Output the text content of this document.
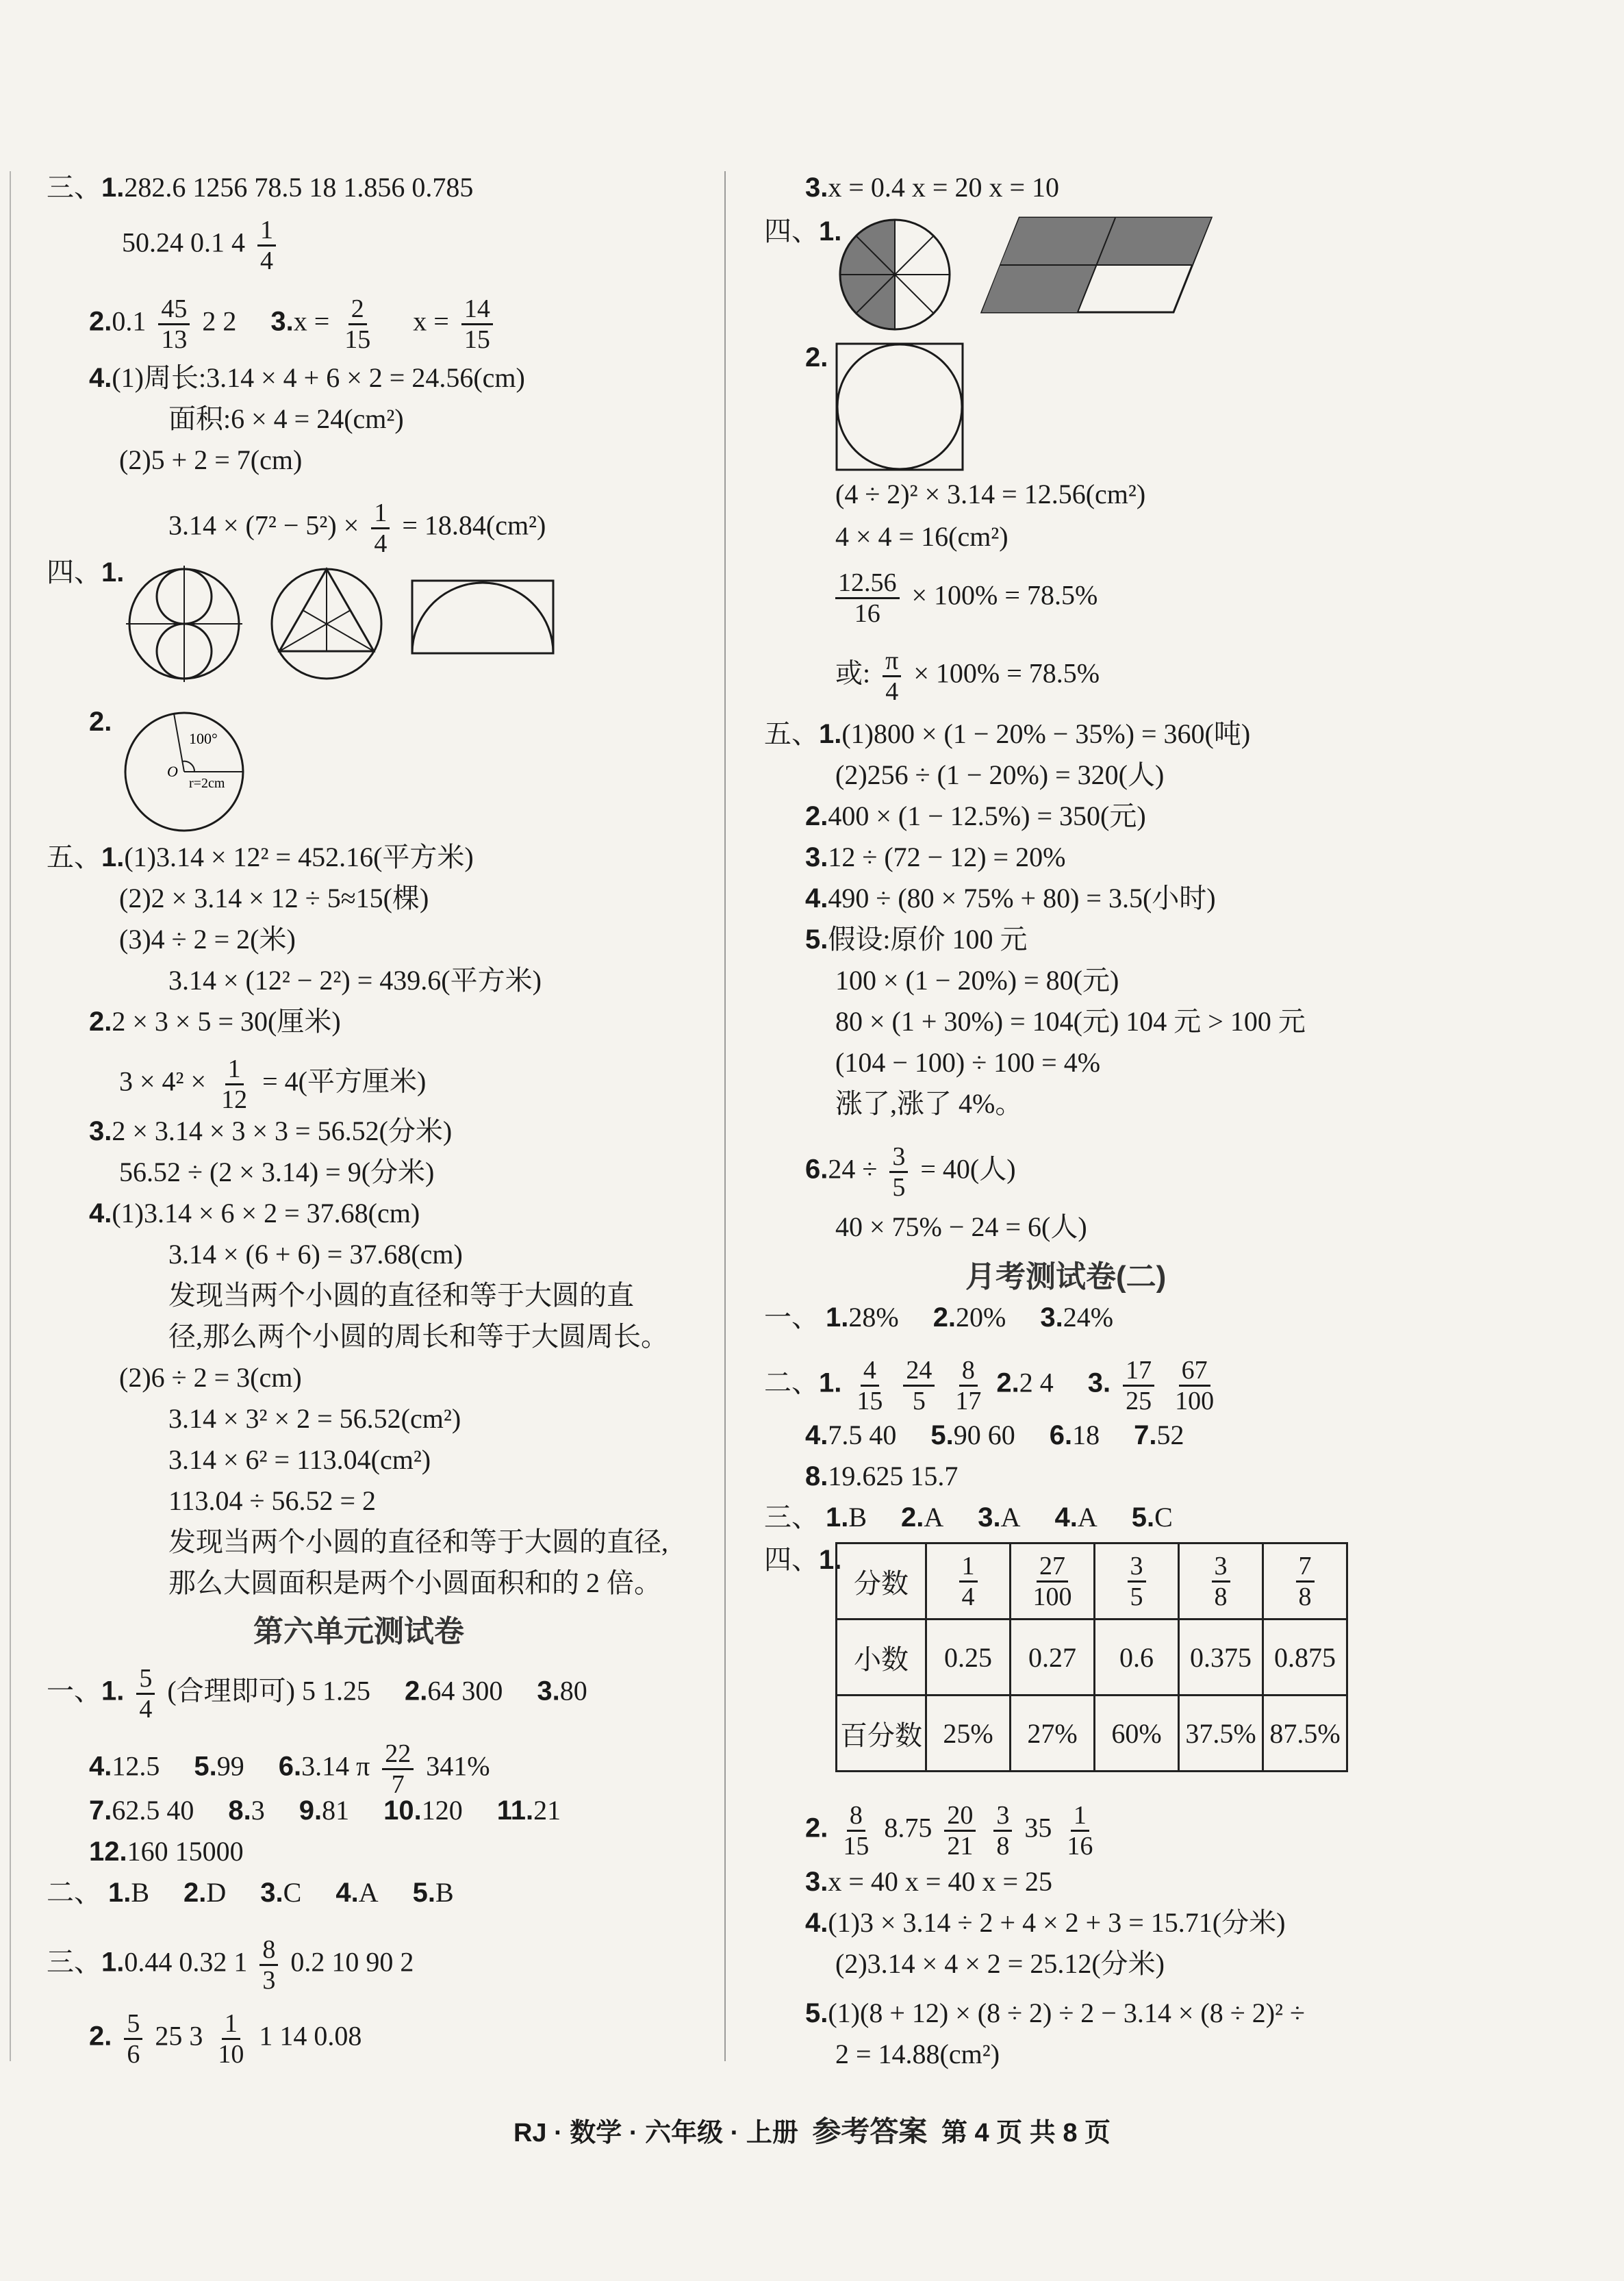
三、1.282.6 1256 78.5 18 1.856 0.785
50.24 0.1 $4 \frac{1}{4}$
$2.0.1 \frac{45}{13} 2$ 2 $3.x = \frac{2}{15}$ $x = \frac{14}{15}$
4.(1)周长:3.14 × 4 + 6 × 2 = 24.56(cm)
面积:6 × 4 = 24(cm²)
(2)5 + 2 = 7(cm)
$3.14 \times (7^2 - 5^2) \times \frac{1}{4} = 18.84(cm^2)$
四、1.
2.
100°
O
r=2cm
五、1.(1)3.14 × 12² = 452.16(平方米)
(2)2 × 3.14 × 12 ÷ 5≈15(棵)
(3)4 ÷ 2 = 2(米)
3.14 × (12² − 2²) = 439.6(平方米)
2.2 × 3 × 5 = 30(厘米)
$3 \times 4^2 \times \frac{1}{12} = 4$(平方厘米)
3.2 × 3.14 × 3 × 3 = 56.52(分米)
56.52 ÷ (2 × 3.14) = 9(分米)
4.(1)3.14 × 6 × 2 = 37.68(cm)
3.14 × (6 + 6) = 37.68(cm)
发现当两个小圆的直径和等于大圆的直
径,那么两个小圆的周长和等于大圆周长。
(2)6 ÷ 2 = 3(cm)
3.14 × 3² × 2 = 56.52(cm²)
3.14 × 6² = 113.04(cm²)
113.04 ÷ 56.52 = 2
发现当两个小圆的直径和等于大圆的直径,
那么大圆面积是两个小圆面积和的 2 倍。
第六单元测试卷
一、1. $\frac{5}{4}$ (合理即可) 5 1.25 2.64 300 3.80
4.12.5 5.99 6.3.14 π $\frac{22}{7} 341\%$
7.62.5 40 8.3 9.81 10.120 11.21
12.160 15000
二、 1.B 2.D 3.C 4.A 5.B
三、1.0.44 0.32 $1 \frac{8}{3} 0.2$ 10 90 2
2. $\frac{5}{6} 25$ $3 \frac{1}{10} 1$ 14 0.08
3.x = 0.4 x = 20 x = 10
四、1.
2.
(4 ÷ 2)² × 3.14 = 12.56(cm²)
4 × 4 = 16(cm²)
$\frac{12.56}{16} \times 100\% = 78.5\%$
或: $\frac{\pi}{4} \times 100\% = 78.5\%$
五、1.(1)800 × (1 − 20% − 35%) = 360(吨)
(2)256 ÷ (1 − 20%) = 320(人)
2.400 × (1 − 12.5%) = 350(元)
3.12 ÷ (72 − 12) = 20%
4.490 ÷ (80 × 75% + 80) = 3.5(小时)
5.假设:原价 100 元
100 × (1 − 20%) = 80(元)
80 × (1 + 30%) = 104(元) 104 元 > 100 元
(104 − 100) ÷ 100 = 4%
涨了,涨了 4%。
$6.24 \div \frac{3}{5} = 40$(人)
40 × 75% − 24 = 6(人)
月考测试卷(二)
一、 1.28% 2.20% 3.24%
二、1. $\frac{4}{15}$
$\frac{24}{5}$
$\frac{8}{17} 2.2$ 4 3. $\frac{17}{25}$
$\frac{67}{100}$
4.7.5 40 5.90 60 6.18 7.52
8.19.625 15.7
三、 1.B 2.A 3.A 4.A 5.C
四、1.
分数	$\frac{1}{4}$	$\frac{27}{100}$	$\frac{3}{5}$	$\frac{3}{8}$	$\frac{7}{8}$

小数	0.25	0.27	0.6	0.375	0.875
百分数	25%	27%	60%	37.5%	87.5%
2. $\frac{8}{15} 8.75 \frac{20}{21}$
$\frac{3}{8} 35 \frac{1}{16}$
3.x = 40 x = 40 x = 25
4.(1)3 × 3.14 ÷ 2 + 4 × 2 + 3 = 15.71(分米)
(2)3.14 × 4 × 2 = 25.12(分米)
5.(1)(8 + 12) × (8 ÷ 2) ÷ 2 − 3.14 × (8 ÷ 2)² ÷
2 = 14.88(cm²)
RJ · 数学 · 六年级 · 上册 参考答案 第 4 页 共 8 页
